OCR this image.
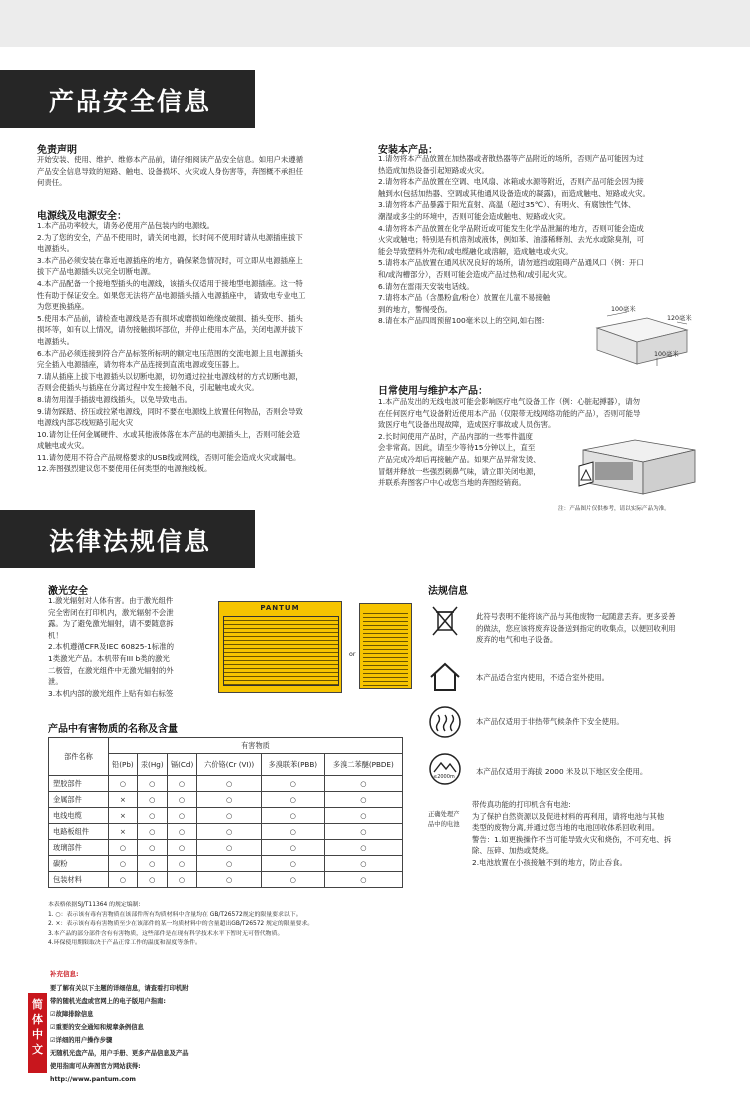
产品安全信息
免责声明
开始安装、使用、维护、维修本产品前，请仔细阅读产品安全信息。如用户未遵循
产品安全信息导致的短路、触电、设备损坏、火灾或人身伤害等，奔图概不承担任
何责任。
电源线及电源安全：
1.本产品功率较大，请务必使用产品包装内的电源线。
2.为了您的安全，产品不使用时，请关闭电源，长时间不使用时请从电源插座拔下
电源插头。
3.本产品必须安装在靠近电源插座的地方，确保紧急情况时，可立即从电源插座上
拔下产品电源插头以完全切断电源。
4.本产品配备一个接地型插头的电源线，该插头仅适用于接地型电源插座。这一特
性有助于保证安全。如果您无法将产品电源插头插入电源插座中， 请致电专业电工
为您更换插座。
5.使用本产品前，请检查电源线是否有损坏或磨损如绝缘皮破损、插头变形、插头
损坏等，如有以上情况，请勿接触损坏部位，并停止使用本产品，关闭电源并拔下
电源插头。
6.本产品必须连接到符合产品标签所标明的额定电压范围的交流电源上且电源插头
完全插入电源插座，请勿将本产品连接到直流电源或变压器上。
7.请从插座上拔下电源插头以切断电源，切勿通过拉扯电源线材的方式切断电源，
否则会使插头与插座在分离过程中发生接触不良，引起触电或火灾。
8.请勿用湿手插拔电源线插头，以免导致电击。
9.请勿踩踏、挤压或拉紧电源线，同时不要在电源线上放置任何物品，否则会导致
电源线内部芯线短路引起火灾
10.请勿让任何金属硬件、水或其他液体落在本产品的电源插头上，否则可能会造
成触电或火灾。
11.请勿使用不符合产品规格要求的USB线或网线，否则可能会造成火灾或漏电。
12.奔图强烈建议您不要使用任何类型的电源拖线板。
安装本产品：
1.请勿将本产品放置在加热器或者散热器等产品附近的场所，否则产品可能因为过
热造成加热设备引起短路或火灾。
2.请勿将本产品放置在空调、电风扇、冰箱或水源等附近，否则产品可能会因为接
触到水(包括加热器、空调或其他通风设备造成的凝露)，而造成触电、短路或火灾。
3.请勿将本产品暴露于阳光直射、高温（超过35℃）、有明火、有腐蚀性气体、
潮湿或多尘的环境中，否则可能会造成触电、短路或火灾。
4.请勿将本产品放置在化学品附近或可能发生化学品泄漏的地方，否则可能会造成
火灾或触电；特别是有机溶剂或液体，例如苯、油漆稀释剂、去光水或除臭剂，可
能会导致塑料外壳和/或电缆融化或溶解，造成触电或火灾。
5.请将本产品放置在通风状况良好的场所，请勿遮挡或阻碍产品通风口（例：开口
和/或沟槽部分），否则可能会造成产品过热和/或引起火灾。
6.请勿在雷雨天安装电话线。
7.请将本产品（含墨粉盒/粉仓）放置在儿童不易接触
到的地方，警惕受伤。
8.请在本产品四周预留100毫米以上的空间,如右图:
100毫米
120毫米
100毫米
日常使用与维护本产品：
1.本产品发出的无线电波可能会影响医疗电气设备工作（例：心脏起搏器），请勿
在任何医疗电气设备附近使用本产品（仅限带无线网络功能的产品），否则可能导
致医疗电气设备出现故障，造成医疗事故或人员伤害。
2.长时间使用产品时，产品内部的一些零件温度
会非常高。因此，请至少等待15分钟以上，直至
产品完成冷却后再接触产品。如果产品异常发烫、
冒烟并释放一些强烈刺鼻气味，请立即关闭电源，
并联系奔图客户中心或您当地的奔图经销商。
注：产品图片仅供参考，请以实际产品为准。
法律法规信息
激光安全
1.激光辐射对人体有害。由于激光组件
完全密闭在打印机内，激光辐射不会泄
露。为了避免激光辐射，请不要随意拆
机！
2.本机遵循CFR及IEC 60825-1标准的
1类激光产品。本机带有III b类的激光
二极管，在激光组件中无激光辐射的外
泄。
3.本机内部的激光组件上贴有如右标签
PANTUM
or
产品中有害物质的名称及含量
部件名称	有害物质					
	铅(Pb)	汞(Hg)	镉(Cd)	六价铬(Cr (VI))	多溴联苯(PBB)	多溴二苯醚(PBDE)
塑胶部件	○	○	○	○	○	○
金属部件	×	○	○	○	○	○
电线电缆	×	○	○	○	○	○
电路板组件	×	○	○	○	○	○
玻璃部件	○	○	○	○	○	○
碳粉	○	○	○	○	○	○
包装材料	○	○	○	○	○	○
本表格依据SJ/T11364 的规定编制:
1. ○：表示该有毒有害物质在该部件所有均质材料中含量均在 GB/T26572规定的限量要求以下。
2. ×：表示该有毒有害物质至少在该部件的某一均质材料中的含量超出GB/T26572 规定的限量要求。
3.本产品的部分部件含有有害物质，这些部件是在现有科学技术水平下暂时无可替代物质。
4.环保使用期限取决于产品正常工作的温度和湿度等条件。
法规信息
此符号表明不能将该产品与其他废物一起随意丢弃。更多妥善
的做法，您应该将废弃设备送到指定的收集点，以便回收利用
废弃的电气和电子设备。
本产品适合室内使用，不适合室外使用。
本产品仅适用于非热带气候条件下安全使用。
≤2000m
本产品仅适用于海拔 2000 米及以下地区安全使用。
正确处理产
品中的电池
带传真功能的打印机含有电池:
为了保护自然资源以及促进材料的再利用，请将电池与其他
类型的废物分离,并通过您当地的电池回收体系回收利用。
警告：1.如更换操作不当可能导致火灾和烧伤，不可充电、拆
除、压碎、加热或焚烧。
2.电池放置在小孩接触不到的地方，防止吞食。
简体中文
补充信息:
要了解有关以下主题的详细信息，请查看打印机附
带的随机光盘或官网上的电子版用户指南:
☑故障排除信息
☑重要的安全通知和规章条例信息
☑详细的用户操作步骤
无随机光盘产品，用户手册、更多产品信息及产品
使用指南可从奔图官方网站获得:
http://www.pantum.com
